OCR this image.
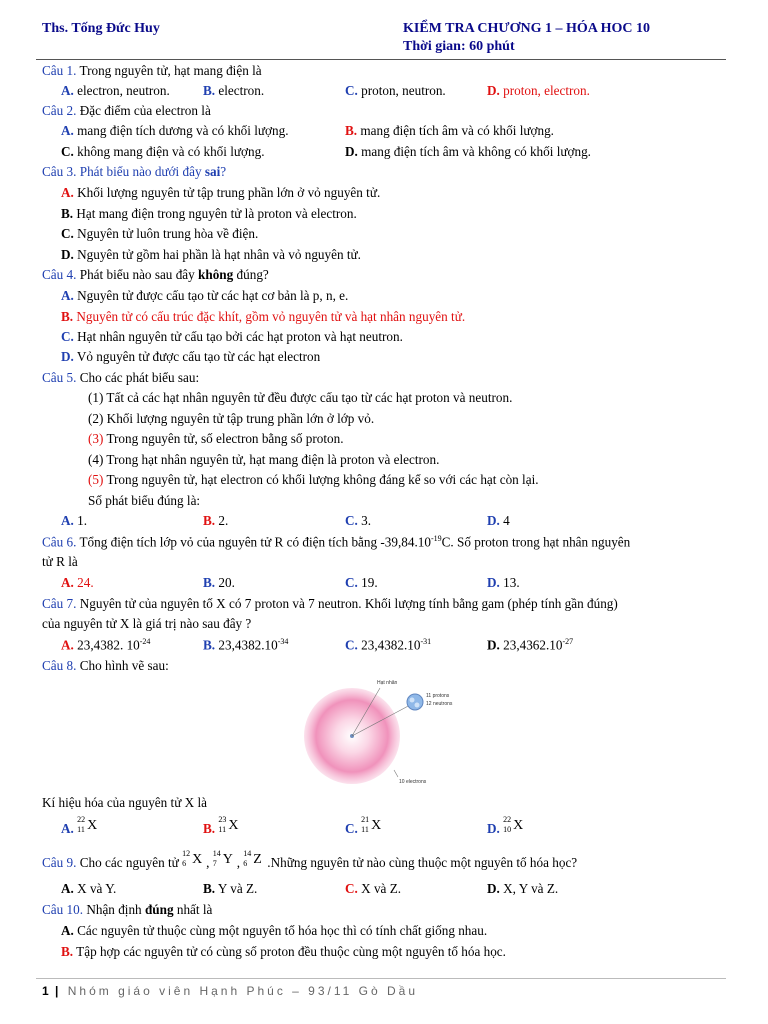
Ths. Tống Đức Huy	KIỂM TRA CHƯƠNG 1 – HÓA HOC 10
Thời gian: 60 phút
Câu 1. Trong nguyên tử, hạt mang điện là
A. electron, neutron.	B. electron.	C. proton, neutron.	D. proton, electron.
Câu 2. Đặc điểm của electron là
A. mang điện tích dương và có khối lượng.	B. mang điện tích âm và có khối lượng.
C. không mang điện và có khối lượng.	D. mang điện tích âm và không có khối lượng.
Câu 3. Phát biểu nào dưới đây sai?
A. Khối lượng nguyên tử tập trung phần lớn ở vỏ nguyên tử.
B. Hạt mang điện trong nguyên tử là proton và electron.
C. Nguyên tử luôn trung hòa về điện.
D. Nguyên tử gồm hai phần là hạt nhân và vỏ nguyên tử.
Câu 4. Phát biểu nào sau đây không đúng?
A. Nguyên tử được cấu tạo từ các hạt cơ bản là p, n, e.
B. Nguyên tử có cấu trúc đặc khít, gồm vỏ nguyên tử và hạt nhân nguyên tử.
C. Hạt nhân nguyên tử cấu tạo bởi các hạt proton và hạt neutron.
D. Vỏ nguyên tử được cấu tạo từ các hạt electron
Câu 5. Cho các phát biểu sau:
(1) Tất cả các hạt nhân nguyên tử đều được cấu tạo từ các hạt proton và neutron.
(2) Khối lượng nguyên tử tập trung phần lớn ở lớp vỏ.
(3) Trong nguyên tử, số electron bằng số proton.
(4) Trong hạt nhân nguyên tử, hạt mang điện là proton và electron.
(5) Trong nguyên tử, hạt electron có khối lượng không đáng kể so với các hạt còn lại.
Số phát biểu đúng là:
A. 1.	B. 2.	C. 3.	D. 4
Câu 6. Tổng điện tích lớp vỏ của nguyên tử R có điện tích bằng $-39,84.10^{-19}C$. Số proton trong hạt nhân nguyên
tử R là
A. 24.	B. 20.	C. 19.	D. 13.
Câu 7. Nguyên tử của nguyên tố X có 7 proton và 7 neutron. Khối lượng tính bằng gam (phép tính gần đúng)
của nguyên tử X là giá trị nào sau đây ?
A. 23,4382. $10^{-24}$	B. $23,4382.10^{-34}$	C. $23,4382.10^{-31}$	D. $23,4362.10^{-27}$
Câu 8. Cho hình vẽ sau:
Hạt nhân
11 protons
12 neutrons
10 electrons
Kí hiệu hóa của nguyên tử X là
A.
22
11 X	B.
23
11 X	C.
21
11 X	D.
22
10 X
Câu 9. Cho các nguyên tử
12
6 X ,
14
7 Y ,
14
6 Z .Những nguyên tử nào cùng thuộc một nguyên tố hóa học?
A. X và Y.	B. Y và Z.	C. X và Z.	D. X, Y và Z.
Câu 10. Nhận định đúng nhất là
A. Các nguyên tử thuộc cùng một nguyên tố hóa học thì có tính chất giống nhau.
B. Tập hợp các nguyên tử có cùng số proton đều thuộc cùng một nguyên tố hóa học.
1 | Nhóm giáo viên Hạnh Phúc – 93/11 Gò Dầu
